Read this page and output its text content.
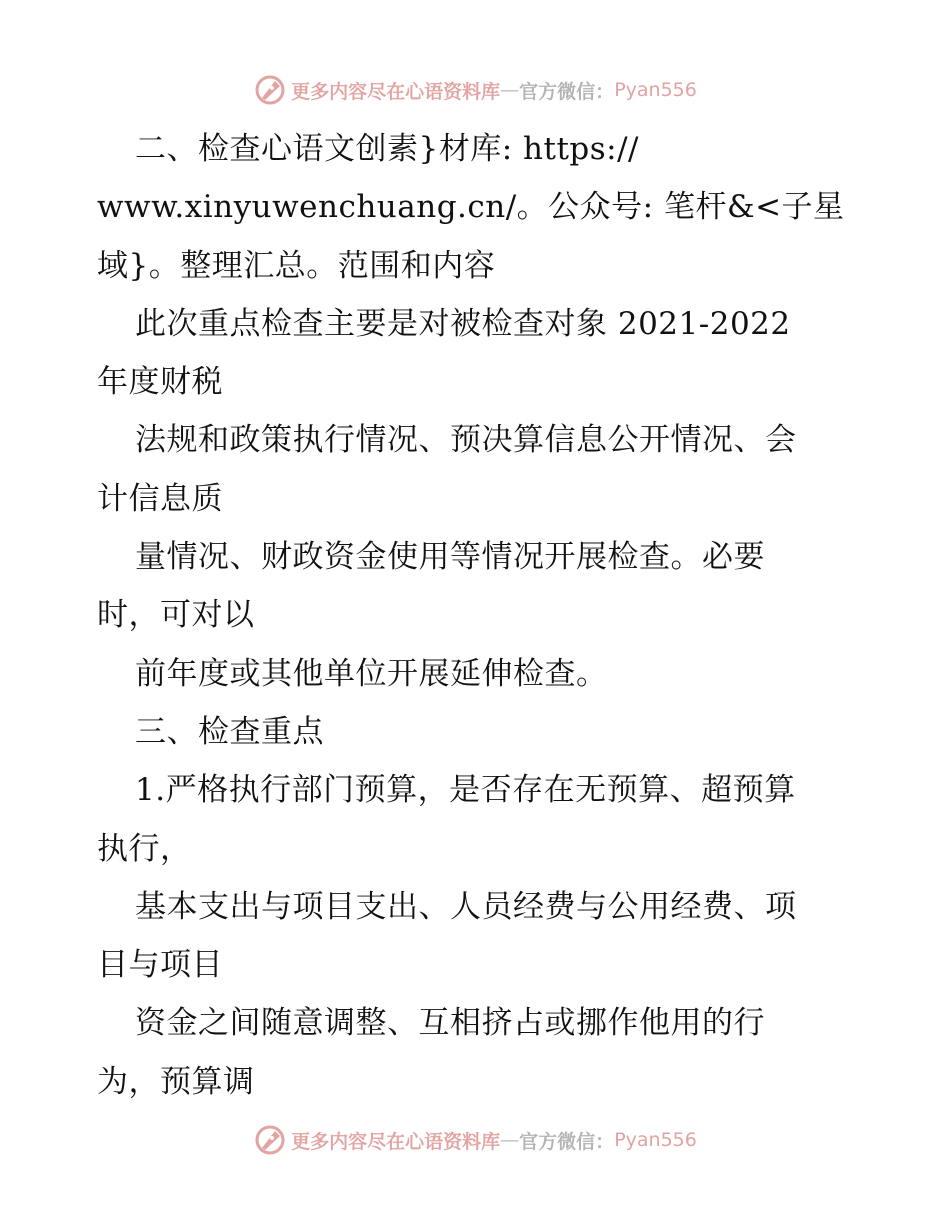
更多内容尽在心语资料库 — 官方微信： Pyan556
二、检查心语文创素}材库: https://
www.xinyuwenchuang.cn/。公众号: 笔杆&<子星
域}。整理汇总。范围和内容
此次重点检查主要是对被检查对象 2021-2022
年度财税
法规和政策执行情况、预决算信息公开情况、会
计信息质
量情况、财政资金使用等情况开展检查。必要
时，可对以
前年度或其他单位开展延伸检查。
三、检查重点
1.严格执行部门预算，是否存在无预算、超预算
执行，
基本支出与项目支出、人员经费与公用经费、项
目与项目
资金之间随意调整、互相挤占或挪作他用的行
为，预算调
更多内容尽在心语资料库 — 官方微信： Pyan556
